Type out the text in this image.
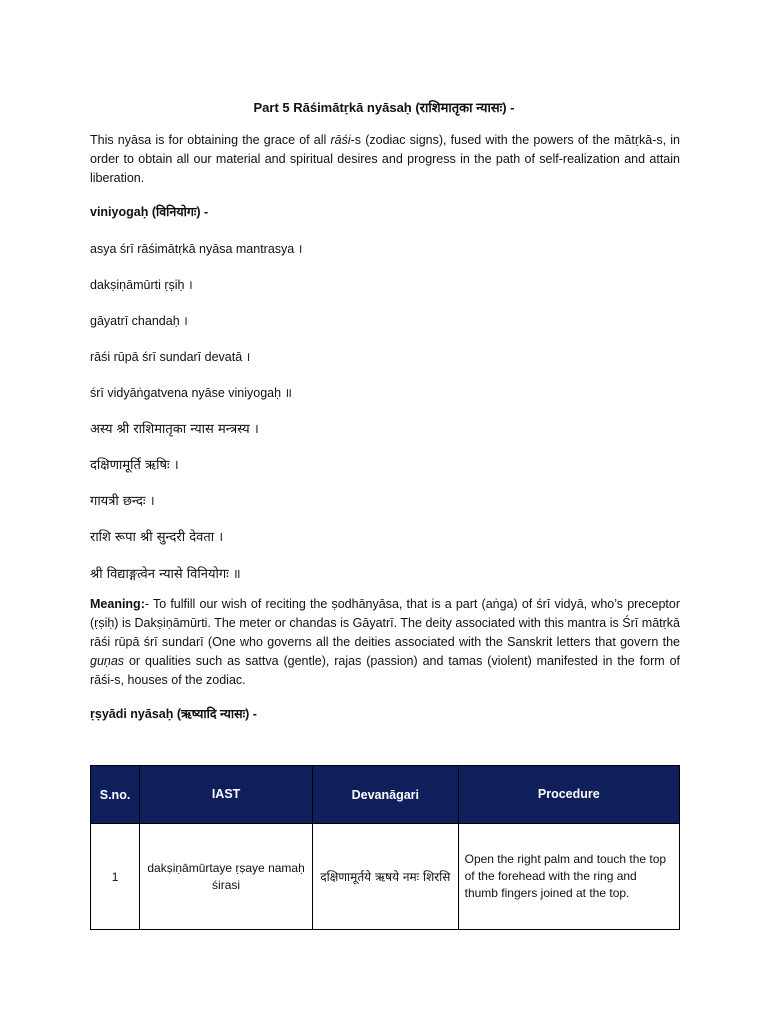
Part 5 Rāśimātṛkā nyāsaḥ (राशिमातृका न्यासः) -
This nyāsa is for obtaining the grace of all rāśi-s (zodiac signs), fused with the powers of the mātṛkā-s, in order to obtain all our material and spiritual desires and progress in the path of self-realization and attain liberation.
viniyogaḥ (विनियोगः) -
asya śrī rāśimātṛkā nyāsa mantrasya ।
dakṣiṇāmūrti ṛṣiḥ ।
gāyatrī chandaḥ ।
rāśi rūpā śrī sundarī devatā ।
śrī vidyāṅgatvena nyāse viniyogaḥ ॥
अस्य श्री राशिमातृका न्यास मन्त्रस्य ।
दक्षिणामूर्ति ऋषिः ।
गायत्री छन्दः ।
राशि रूपा श्री सुन्दरी देवता ।
श्री विद्याङ्गत्वेन न्यासे विनियोगः ॥
Meaning:- To fulfill our wish of reciting the ṣodhānyāsa, that is a part (aṅga) of śrī vidyā, who’s preceptor (ṛṣiḥ) is Dakṣiṇāmūrti. The meter or chandas is Gāyatrī. The deity associated with this mantra is Śrī mātṛkā rāśi rūpā śrī sundarī (One who governs all the deities associated with the Sanskrit letters that govern the guṇas or qualities such as sattva (gentle), rajas (passion) and tamas (violent) manifested in the form of rāśi-s, houses of the zodiac.
ṛṣyādi nyāsaḥ (ऋष्यादि न्यासः) -
S.no.	IAST	Devanāgari	Procedure
1	dakṣiṇāmūrtaye ṛṣaye namaḥ śirasi	दक्षिणामूर्तये ऋषये नमः शिरसि	Open the right palm and touch the top of the forehead with the ring and thumb fingers joined at the top.
